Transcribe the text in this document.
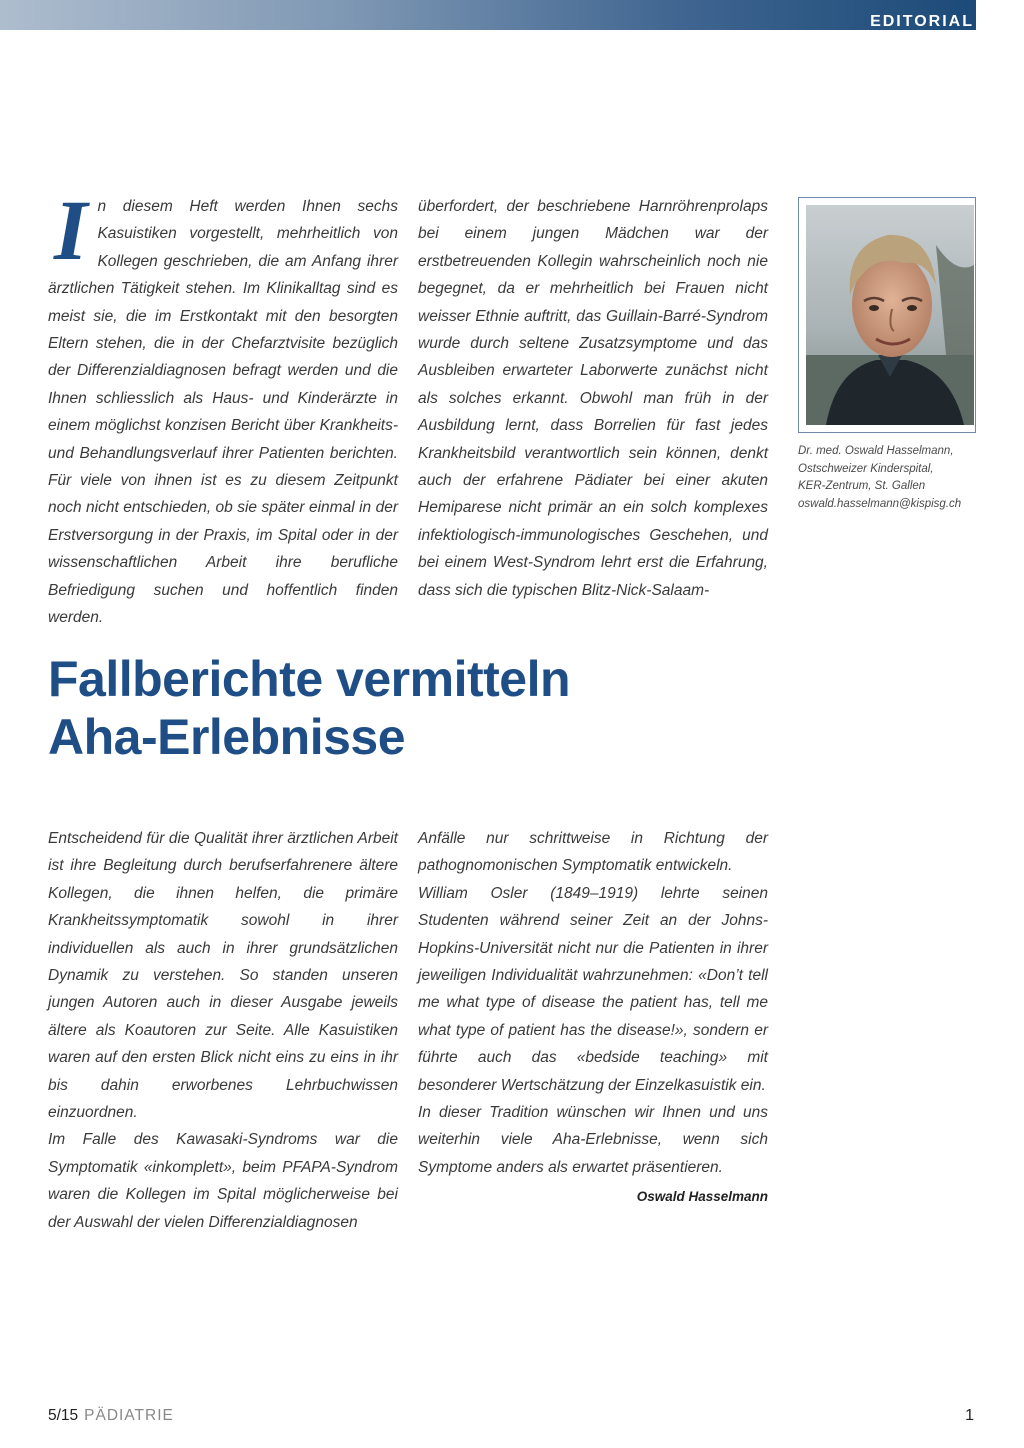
EDITORIAL
In diesem Heft werden Ihnen sechs Kasuistiken vorgestellt, mehrheitlich von Kollegen geschrieben, die am Anfang ihrer ärztlichen Tätigkeit stehen. Im Klinikalltag sind es meist sie, die im Erstkontakt mit den besorgten Eltern stehen, die in der Chefarztvisite bezüglich der Differenzialdiagnosen befragt werden und die Ihnen schliesslich als Haus- und Kinderärzte in einem möglichst konzisen Bericht über Krankheits- und Behandlungsverlauf ihrer Patienten berichten. Für viele von ihnen ist es zu diesem Zeitpunkt noch nicht entschieden, ob sie später einmal in der Erstversorgung in der Praxis, im Spital oder in der wissenschaftlichen Arbeit ihre berufliche Befriedigung suchen und hoffentlich finden werden.

überfordert, der beschriebene Harnröhrenprolaps bei einem jungen Mädchen war der erstbetreuenden Kollegin wahrscheinlich noch nie begegnet, da er mehrheitlich bei Frauen nicht weisser Ethnie auftritt, das Guillain-Barré-Syndrom wurde durch seltene Zusatzsymptome und das Ausbleiben erwarteter Laborwerte zunächst nicht als solches erkannt. Obwohl man früh in der Ausbildung lernt, dass Borrelien für fast jedes Krankheitsbild verantwortlich sein können, denkt auch der erfahrene Pädiater bei einer akuten Hemiparese nicht primär an ein solch komplexes infektiologisch-immunologisches Geschehen, und bei einem West-Syndrom lehrt erst die Erfahrung, dass sich die typischen Blitz-Nick-Salaam-

Dr. med. Oswald Hasselmann,
Ostschweizer Kinderspital,
KER-Zentrum, St. Gallen
oswald.hasselmann@kispisg.ch
Fallberichte vermitteln
Aha-Erlebnisse

Entscheidend für die Qualität ihrer ärztlichen Arbeit ist ihre Begleitung durch berufserfahrenere ältere Kollegen, die ihnen helfen, die primäre Krankheitssymptomatik sowohl in ihrer individuellen als auch in ihrer grundsätzlichen Dynamik zu verstehen. So standen unseren jungen Autoren auch in dieser Ausgabe jeweils ältere als Koautoren zur Seite. Alle Kasuistiken waren auf den ersten Blick nicht eins zu eins in ihr bis dahin erworbenes Lehrbuchwissen einzuordnen.

Im Falle des Kawasaki-Syndroms war die Symptomatik «inkomplett», beim PFAPA-Syndrom waren die Kollegen im Spital möglicherweise bei der Auswahl der vielen Differenzialdiagnosen

Anfälle nur schrittweise in Richtung der pathognomonischen Symptomatik entwickeln.

William Osler (1849–1919) lehrte seinen Studenten während seiner Zeit an der Johns-Hopkins-Universität nicht nur die Patienten in ihrer jeweiligen Individualität wahrzunehmen: «Don’t tell me what type of disease the patient has, tell me what type of patient has the disease!», sondern er führte auch das «bedside teaching» mit besonderer Wertschätzung der Einzelkasuistik ein.

In dieser Tradition wünschen wir Ihnen und uns weiterhin viele Aha-Erlebnisse, wenn sich Symptome anders als erwartet präsentieren.

Oswald Hasselmann
5/15 PÄDIATRIE	1
